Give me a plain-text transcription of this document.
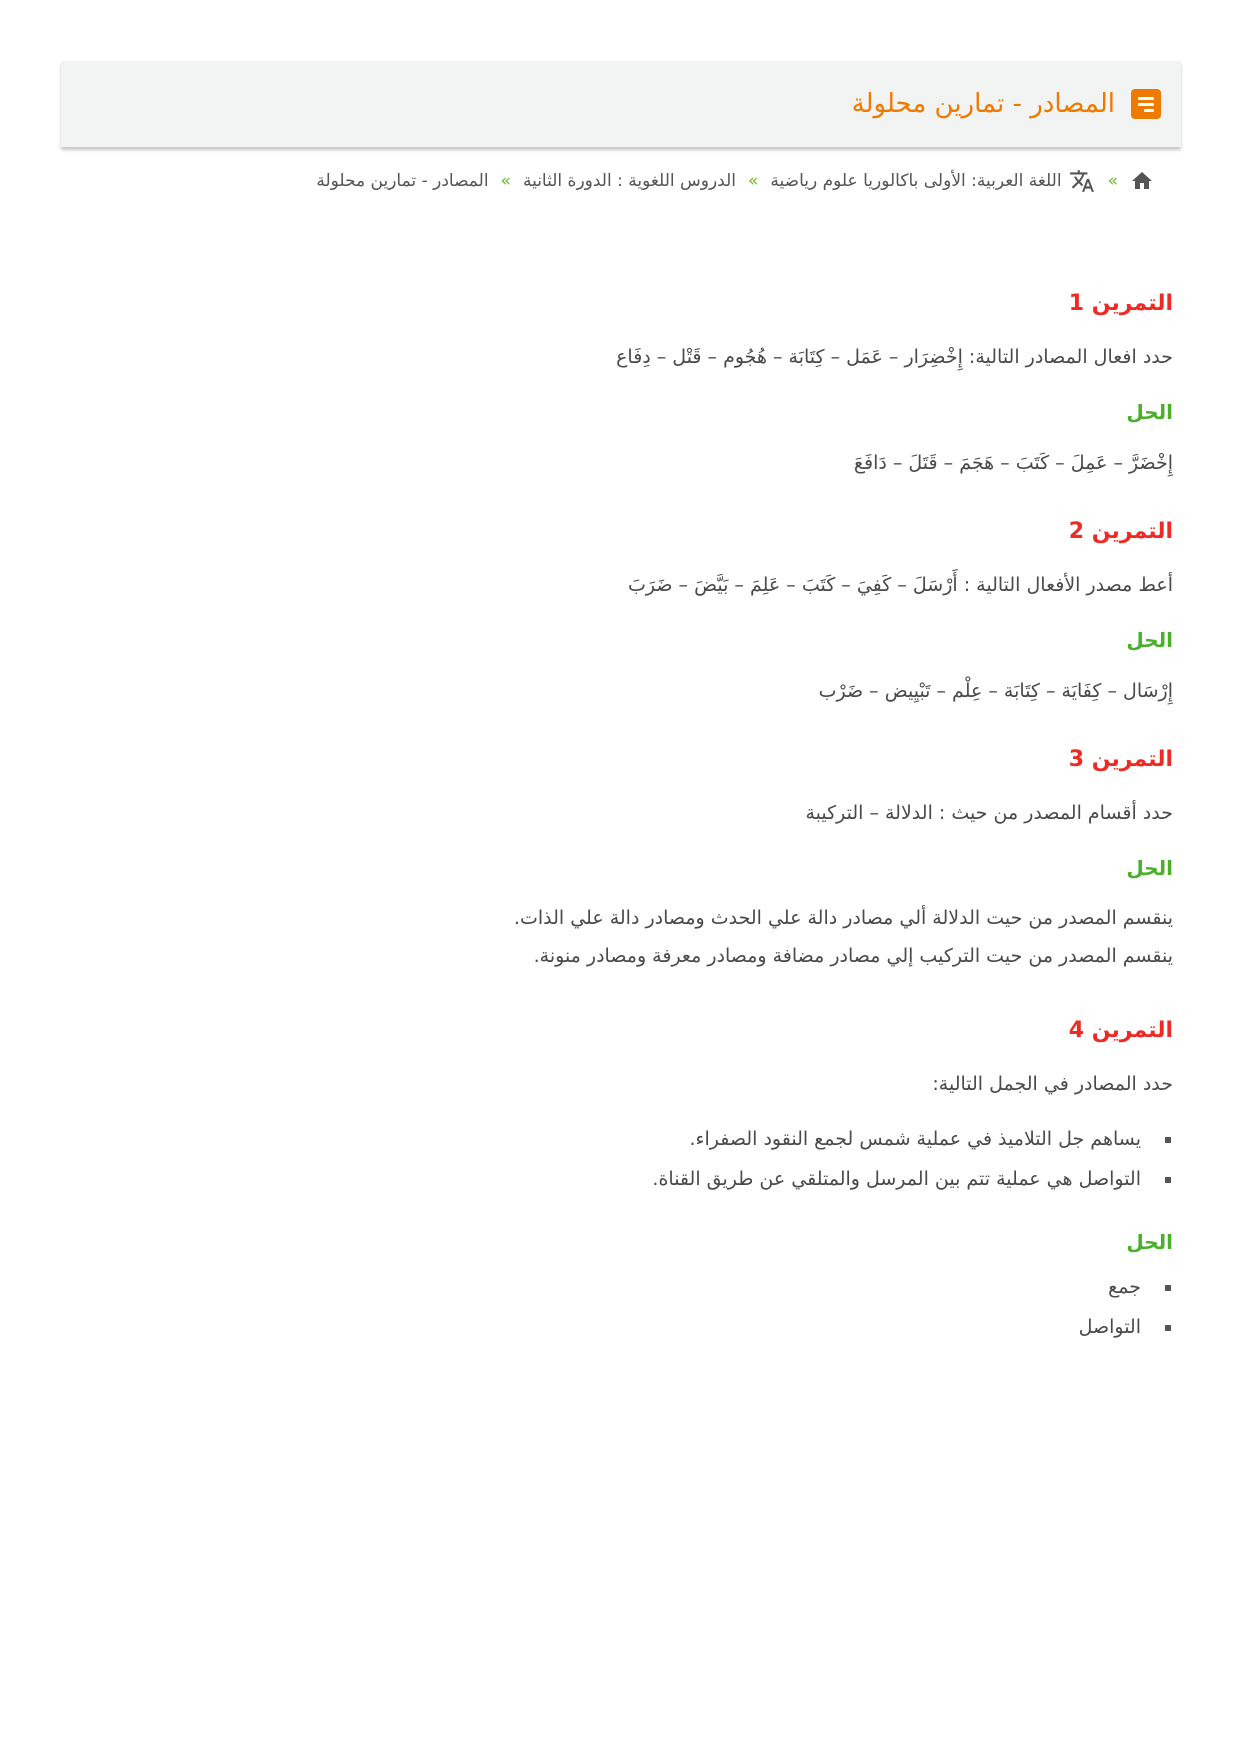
المصادر - تمارين محلولة
»
اللغة العربية: الأولى باكالوريا علوم رياضية
»
الدروس اللغوية : الدورة الثانية
»
المصادر - تمارين محلولة
التمرين 1

حدد افعال المصادر التالية: إِخْضِرَار – عَمَل – كِتَابَة – هُجُوم – قَتْل – دِفَاع

الحل

إِخْضَرَّ – عَمِلَ – كَتَبَ – هَجَمَ – قَتَلَ – دَافَعَ

التمرين 2

أعط مصدر الأفعال التالية : أَرْسَلَ – كَفِيَ – كَتَبَ – عَلِمَ – بَيَّضَ – ضَرَبَ

الحل

إِرْسَال – كِفَايَة – كِتَابَة – عِلْم – تَبْيِيض – ضَرْب

التمرين 3

حدد أقسام المصدر من حيث : الدلالة – التركيبة

الحل
ينقسم المصدر من حيت الدلالة ألي مصادر دالة علي الحدث ومصادر دالة علي الذات.
ينقسم المصدر من حيت التركيب إلي مصادر مضافة ومصادر معرفة ومصادر منونة.
التمرين 4

حدد المصادر في الجمل التالية:

يساهم جل التلاميذ في عملية شمس لجمع النقود الصفراء.
التواصل هي عملية تتم بين المرسل والمتلقي عن طريق القناة.
الحل
جمع
التواصل
